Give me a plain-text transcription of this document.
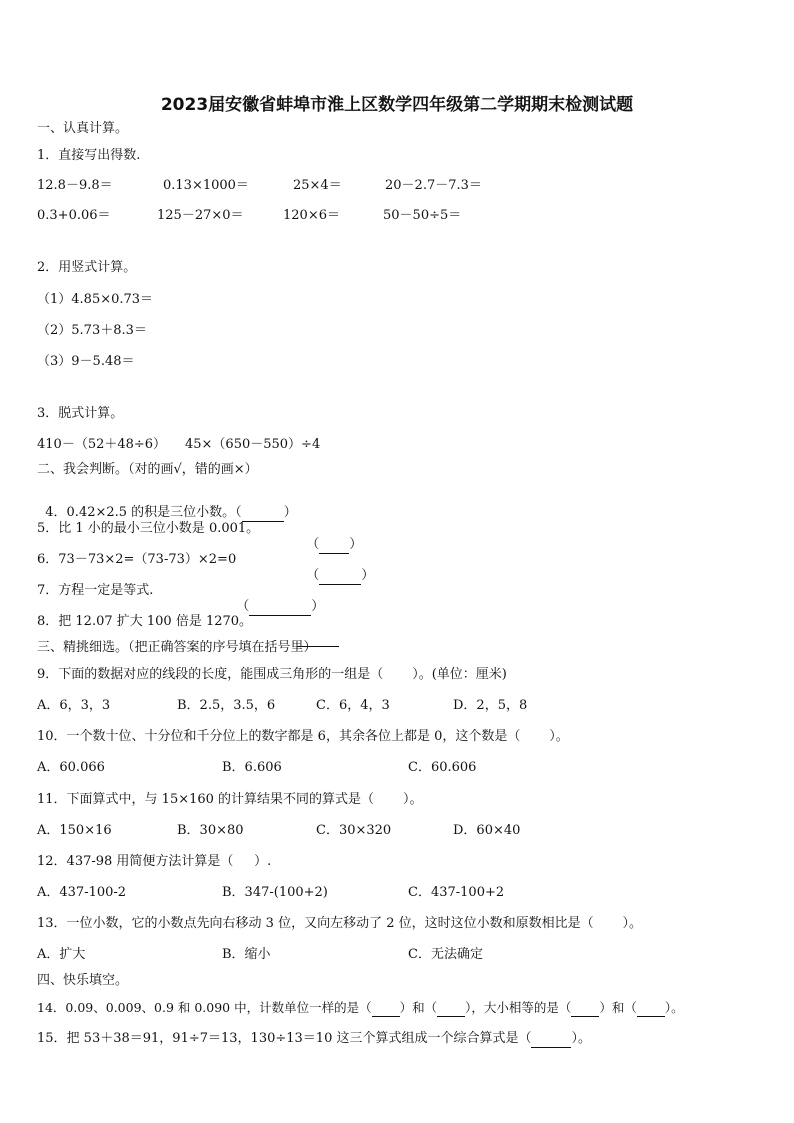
2023届安徽省蚌埠市淮上区数学四年级第二学期期末检测试题
一、认真计算。
1．直接写出得数.
12.8－9.8＝	0.13×1000＝	25×4＝	20－2.7－7.3＝
0.3+0.06＝	125－27×0＝	120×6＝	50－50÷5＝
2．用竖式计算。
（1）4.85×0.73＝
（2）5.73＋8.3＝
（3）9－5.48＝
3．脱式计算。
410－（52＋48÷6） 45×（650－550）÷4
二、我会判断。（对的画√，错的画×）

4．0.42×2.5 的积是三位小数。（	）

5．比 1 小的最小三位小数是 0.001。

（ ）

6．73－73×2=（73-73）×2=0

（	）

7．方程一定是等式.

（	）

8．把 12.07 扩大 100 倍是 1270。

三、精挑细选。（把正确答案的序号填在括号里）
9．下面的数据对应的线段的长度，能围成三角形的一组是（       ）。(单位：厘米)
A．6，3，3	B．2.5，3.5，6	C．6，4，3	D．2，5，8
10．一个数十位、十分位和千分位上的数字都是 6，其余各位上都是 0，这个数是（       ）。
A．60.066	B．6.606	C．60.606
11．下面算式中，与 15×160 的计算结果不同的算式是（       ）。
A．150×16	B．30×80	C．30×320	D．60×40
12．437-98 用简便方法计算是（     ）.
A．437-100-2	B．347-(100+2)	C．437-100+2
13．一位小数，它的小数点先向右移动 3 位，又向左移动了 2 位，这时这位小数和原数相比是（       ）。
A．扩大	B．缩小	C．无法确定
四、快乐填空。
14．0.09、0.009、0.9 和 0.090 中，计数单位一样的是（ ）和（ ），大小相等的是（ ）和（ ）。
15．把 53＋38＝91，91÷7＝13，130÷13＝10 这三个算式组成一个综合算式是（	）。
